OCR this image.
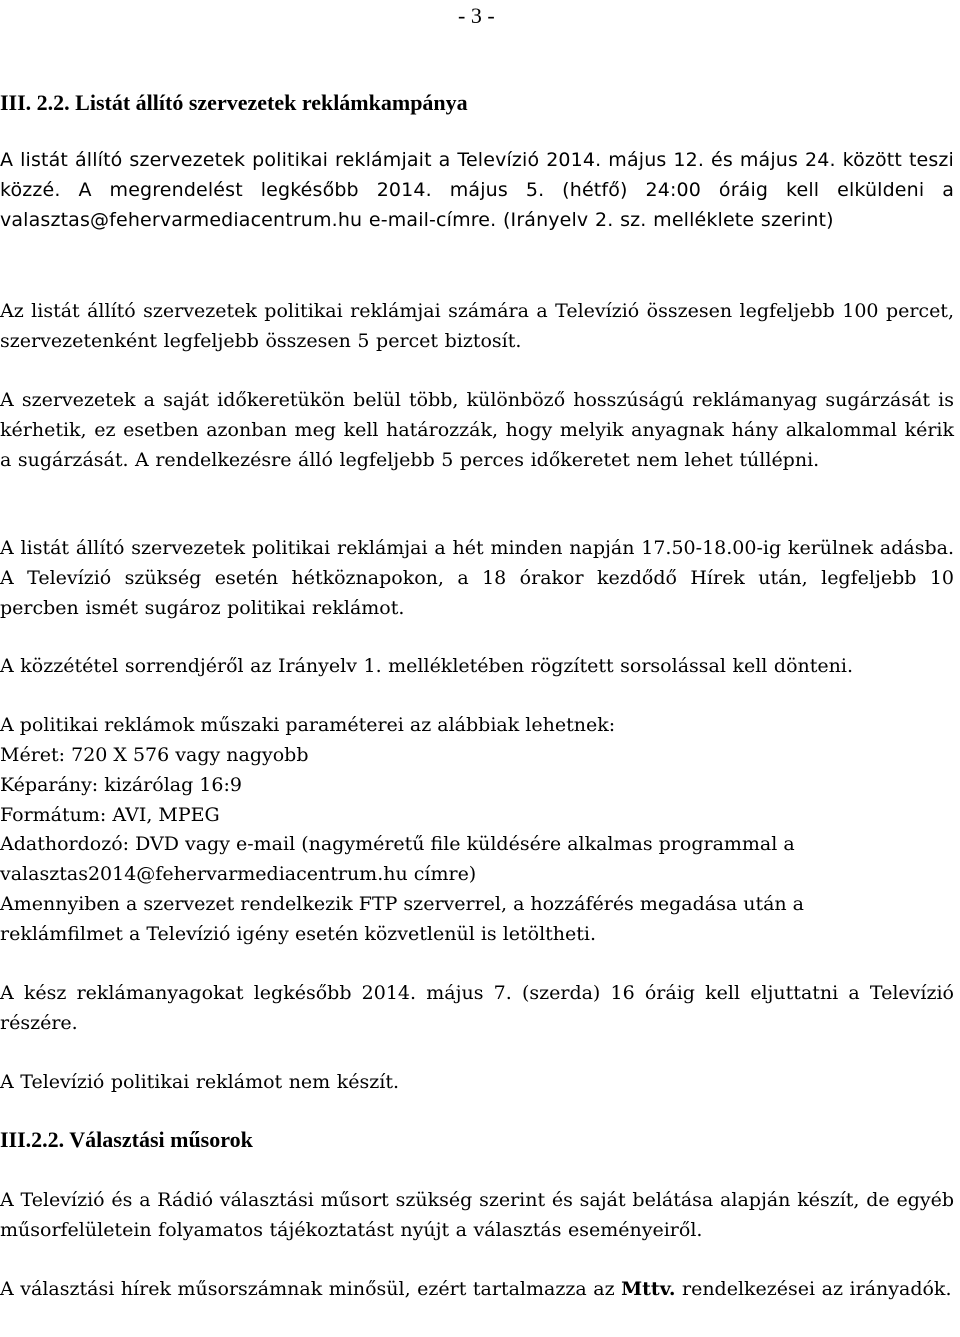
- 3 -
III. 2.2. Listát állító szervezetek reklámkampánya
A listát állító szervezetek politikai reklámjait a Televízió 2014. május 12. és május 24. között teszi közzé. A megrendelést legkésőbb 2014. május 5. (hétfő) 24:00 óráig kell elküldeni a valasztas@fehervarmediacentrum.hu e-mail-címre. (Irányelv 2. sz. melléklete szerint)
Az listát állító szervezetek politikai reklámjai számára a Televízió összesen legfeljebb 100 percet, szervezetenként legfeljebb összesen 5 percet biztosít.
A szervezetek a saját időkeretükön belül több, különböző hosszúságú reklámanyag sugárzását is kérhetik, ez esetben azonban meg kell határozzák, hogy melyik anyagnak hány alkalommal kérik a sugárzását. A rendelkezésre álló legfeljebb 5 perces időkeretet nem lehet túllépni.
A listát állító szervezetek politikai reklámjai a hét minden napján 17.50-18.00-ig kerülnek adásba. A Televízió szükség esetén hétköznapokon, a 18 órakor kezdődő Hírek után, legfeljebb 10 percben ismét sugároz politikai reklámot.
A közzététel sorrendjéről az Irányelv 1. mellékletében rögzített sorsolással kell dönteni.
A politikai reklámok műszaki paraméterei az alábbiak lehetnek:
Méret: 720 X 576 vagy nagyobb
Képarány: kizárólag 16:9
Formátum: AVI, MPEG
Adathordozó: DVD vagy e-mail (nagyméretű file küldésére alkalmas programmal a
valasztas2014@fehervarmediacentrum.hu címre)
Amennyiben a szervezet rendelkezik FTP szerverrel, a hozzáférés megadása után a
reklámfilmet a Televízió igény esetén közvetlenül is letöltheti.
A kész reklámanyagokat legkésőbb 2014. május 7. (szerda) 16 óráig kell eljuttatni a Televízió részére.
A Televízió politikai reklámot nem készít.
III.2.2. Választási műsorok
A Televízió és a Rádió választási műsort szükség szerint és saját belátása alapján készít, de egyéb műsorfelületein folyamatos tájékoztatást nyújt a választás eseményeiről.
A választási hírek műsorszámnak minősül, ezért tartalmazza az Mttv. rendelkezései az irányadók.
